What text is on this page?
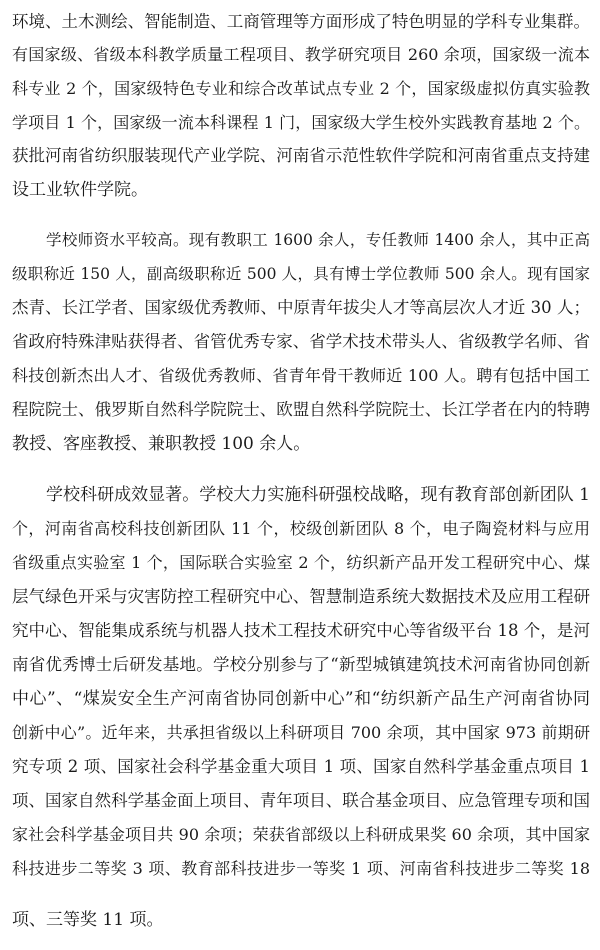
环境、土木测绘、智能制造、工商管理等方面形成了特色明显的学科专业集群。
有国家级、省级本科教学质量工程项目、教学研究项目 260 余项，国家级一流本
科专业 2 个，国家级特色专业和综合改革试点专业 2 个，国家级虚拟仿真实验教
学项目 1 个，国家级一流本科课程 1 门，国家级大学生校外实践教育基地 2 个。
获批河南省纺织服装现代产业学院、河南省示范性软件学院和河南省重点支持建
设工业软件学院。
学校师资水平较高。现有教职工 1600 余人，专任教师 1400 余人，其中正高
级职称近 150 人，副高级职称近 500 人，具有博士学位教师 500 余人。现有国家
杰青、长江学者、国家级优秀教师、中原青年拔尖人才等高层次人才近 30 人；
省政府特殊津贴获得者、省管优秀专家、省学术技术带头人、省级教学名师、省
科技创新杰出人才、省级优秀教师、省青年骨干教师近 100 人。聘有包括中国工
程院院士、俄罗斯自然科学院院士、欧盟自然科学院院士、长江学者在内的特聘
教授、客座教授、兼职教授 100 余人。
学校科研成效显著。学校大力实施科研强校战略，现有教育部创新团队 1
个，河南省高校科技创新团队 11 个，校级创新团队 8 个，电子陶瓷材料与应用
省级重点实验室 1 个，国际联合实验室 2 个，纺织新产品开发工程研究中心、煤
层气绿色开采与灾害防控工程研究中心、智慧制造系统大数据技术及应用工程研
究中心、智能集成系统与机器人技术工程技术研究中心等省级平台 18 个，是河
南省优秀博士后研发基地。学校分别参与了“新型城镇建筑技术河南省协同创新
中心”、“煤炭安全生产河南省协同创新中心”和“纺织新产品生产河南省协同
创新中心”。近年来，共承担省级以上科研项目 700 余项，其中国家 973 前期研
究专项 2 项、国家社会科学基金重大项目 1 项、国家自然科学基金重点项目 1
项、国家自然科学基金面上项目、青年项目、联合基金项目、应急管理专项和国
家社会科学基金项目共 90 余项；荣获省部级以上科研成果奖 60 余项，其中国家
科技进步二等奖 3 项、教育部科技进步一等奖 1 项、河南省科技进步二等奖 18
项、三等奖 11 项。
